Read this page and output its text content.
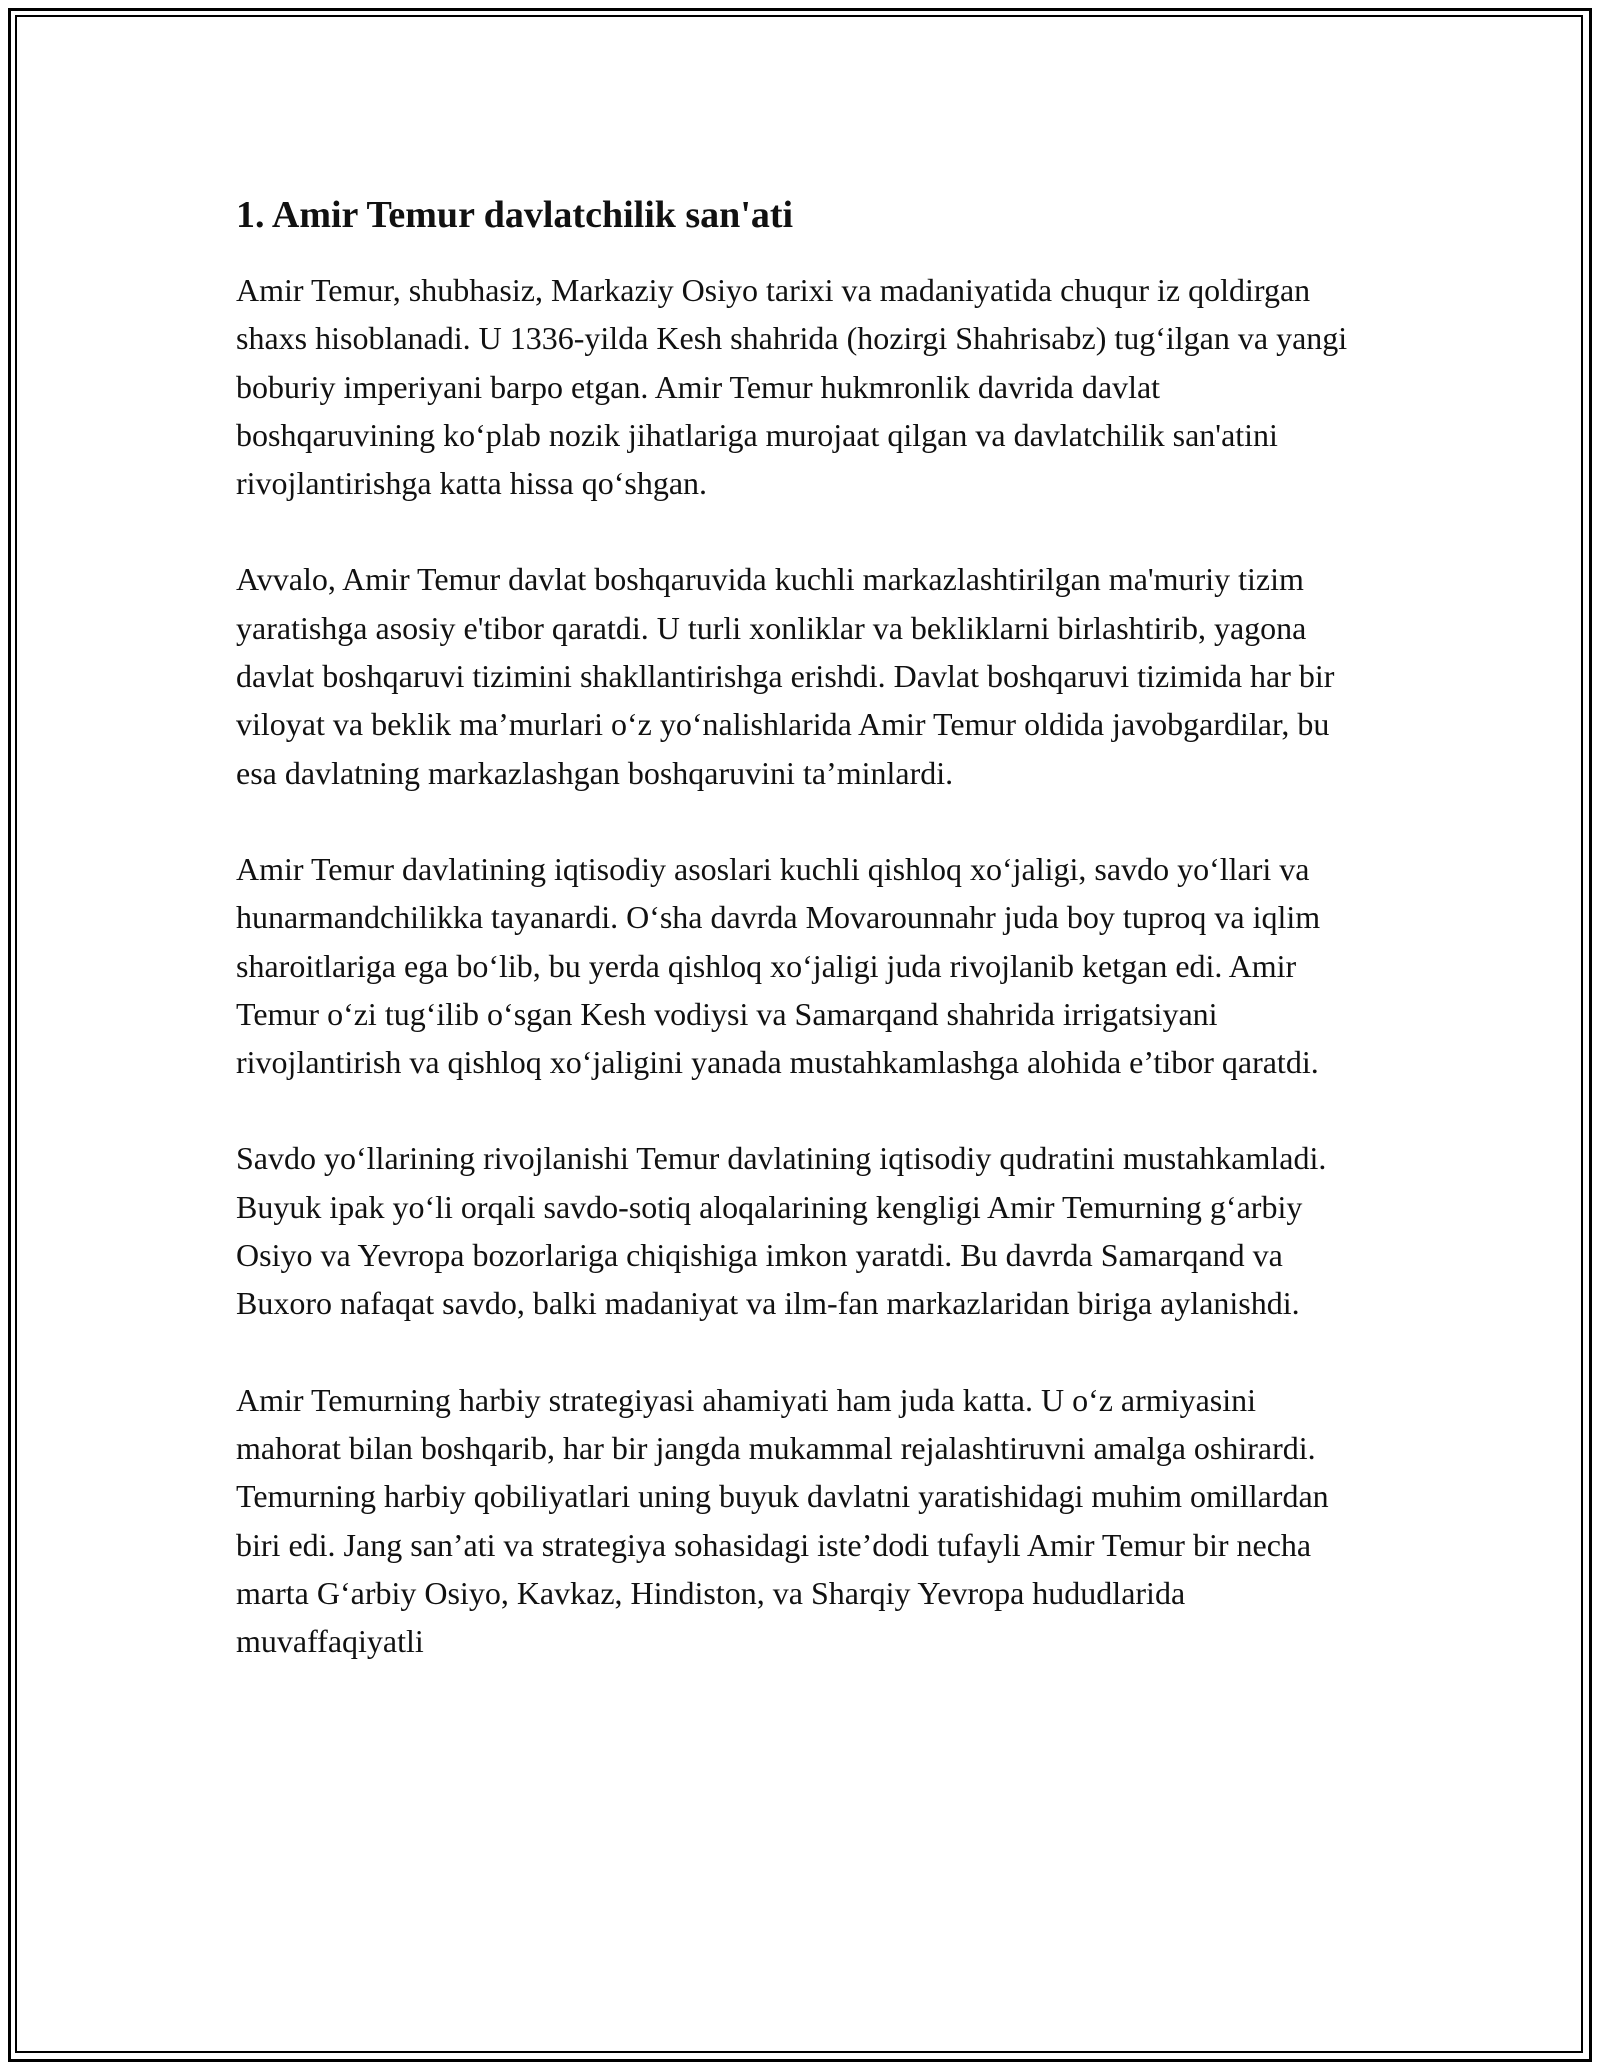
1. Amir Temur davlatchilik san'ati

Amir Temur, shubhasiz, Markaziy Osiyo tarixi va madaniyatida chuqur iz qoldirgan shaxs hisoblanadi. U 1336-yilda Kesh shahrida (hozirgi Shahrisabz) tug‘ilgan va yangi boburiy imperiyani barpo etgan. Amir Temur hukmronlik davrida davlat boshqaruvining ko‘plab nozik jihatlariga murojaat qilgan va davlatchilik san'atini rivojlantirishga katta hissa qo‘shgan.

Avvalo, Amir Temur davlat boshqaruvida kuchli markazlashtirilgan ma'muriy tizim yaratishga asosiy e'tibor qaratdi. U turli xonliklar va bekliklarni birlashtirib, yagona davlat boshqaruvi tizimini shakllantirishga erishdi. Davlat boshqaruvi tizimida har bir viloyat va beklik ma’murlari o‘z yo‘nalishlarida Amir Temur oldida javobgardilar, bu esa davlatning markazlashgan boshqaruvini ta’minlardi.

Amir Temur davlatining iqtisodiy asoslari kuchli qishloq xo‘jaligi, savdo yo‘llari va hunarmandchilikka tayanardi. O‘sha davrda Movarounnahr juda boy tuproq va iqlim sharoitlariga ega bo‘lib, bu yerda qishloq xo‘jaligi juda rivojlanib ketgan edi. Amir Temur o‘zi tug‘ilib o‘sgan Kesh vodiysi va Samarqand shahrida irrigatsiyani rivojlantirish va qishloq xo‘jaligini yanada mustahkamlashga alohida e’tibor qaratdi.

Savdo yo‘llarining rivojlanishi Temur davlatining iqtisodiy qudratini mustahkamladi. Buyuk ipak yo‘li orqali savdo-sotiq aloqalarining kengligi Amir Temurning g‘arbiy Osiyo va Yevropa bozorlariga chiqishiga imkon yaratdi. Bu davrda Samarqand va Buxoro nafaqat savdo, balki madaniyat va ilm-fan markazlaridan biriga aylanishdi.

Amir Temurning harbiy strategiyasi ahamiyati ham juda katta. U o‘z armiyasini mahorat bilan boshqarib, har bir jangda mukammal rejalashtiruvni amalga oshirardi. Temurning harbiy qobiliyatlari uning buyuk davlatni yaratishidagi muhim omillardan biri edi. Jang san’ati va strategiya sohasidagi iste’dodi tufayli Amir Temur bir necha marta G‘arbiy Osiyo, Kavkaz, Hindiston, va Sharqiy Yevropa hududlarida muvaffaqiyatli
